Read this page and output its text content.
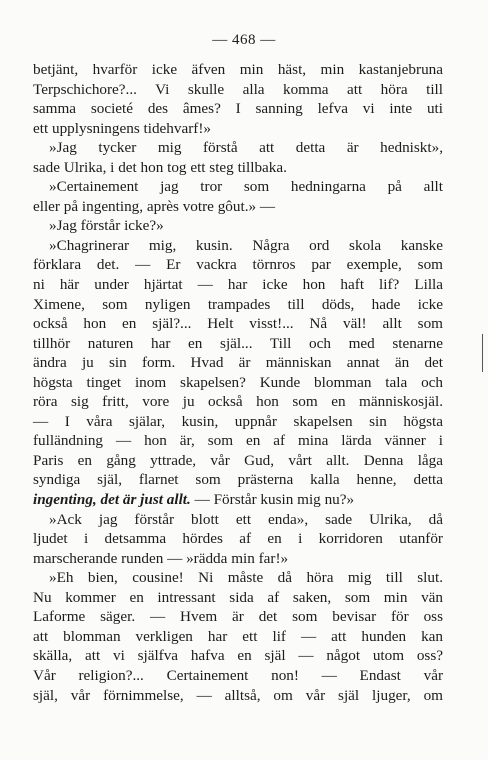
— 468 —
betjänt, hvarför icke äfven min häst, min kastanjebruna
Terpschichore?... Vi skulle alla komma att höra till
samma societé des âmes? I sanning lefva vi inte uti
ett upplysningens tidehvarf!»
»Jag tycker mig förstå att detta är hedniskt»,
sade Ulrika, i det hon tog ett steg tillbaka.
»Certainement jag tror som hedningarna på allt
eller på ingenting, après votre gôut.» —
»Jag förstår icke?»
»Chagrinerar mig, kusin. Några ord skola kanske
förklara det. — Er vackra törnros par exemple, som
ni här under hjärtat — har icke hon haft lif? Lilla
Ximene, som nyligen trampades till döds, hade icke
också hon en själ?... Helt visst!... Nå väl! allt som
tillhör naturen har en själ... Till och med stenarne
ändra ju sin form. Hvad är människan annat än det
högsta tinget inom skapelsen? Kunde blomman tala och
röra sig fritt, vore ju också hon som en människosjäl.
— I våra själar, kusin, uppnår skapelsen sin högsta
fulländning — hon är, som en af mina lärda vänner i
Paris en gång yttrade, vår Gud, vårt allt. Denna låga
syndiga själ, flarnet som prästerna kalla henne, detta
ingenting, det är just allt. — Förstår kusin mig nu?»
»Ack jag förstår blott ett enda», sade Ulrika, då
ljudet i detsamma hördes af en i korridoren utanför
marscherande runden — »rädda min far!»
»Eh bien, cousine! Ni måste då höra mig till slut.
Nu kommer en intressant sida af saken, som min vän
Laforme säger. — Hvem är det som bevisar för oss
att blomman verkligen har ett lif — att hunden kan
skälla, att vi själfva hafva en själ — något utom oss?
Vår religion?... Certainement non! — Endast vår
själ, vår förnimmelse, — alltså, om vår själ ljuger, om
